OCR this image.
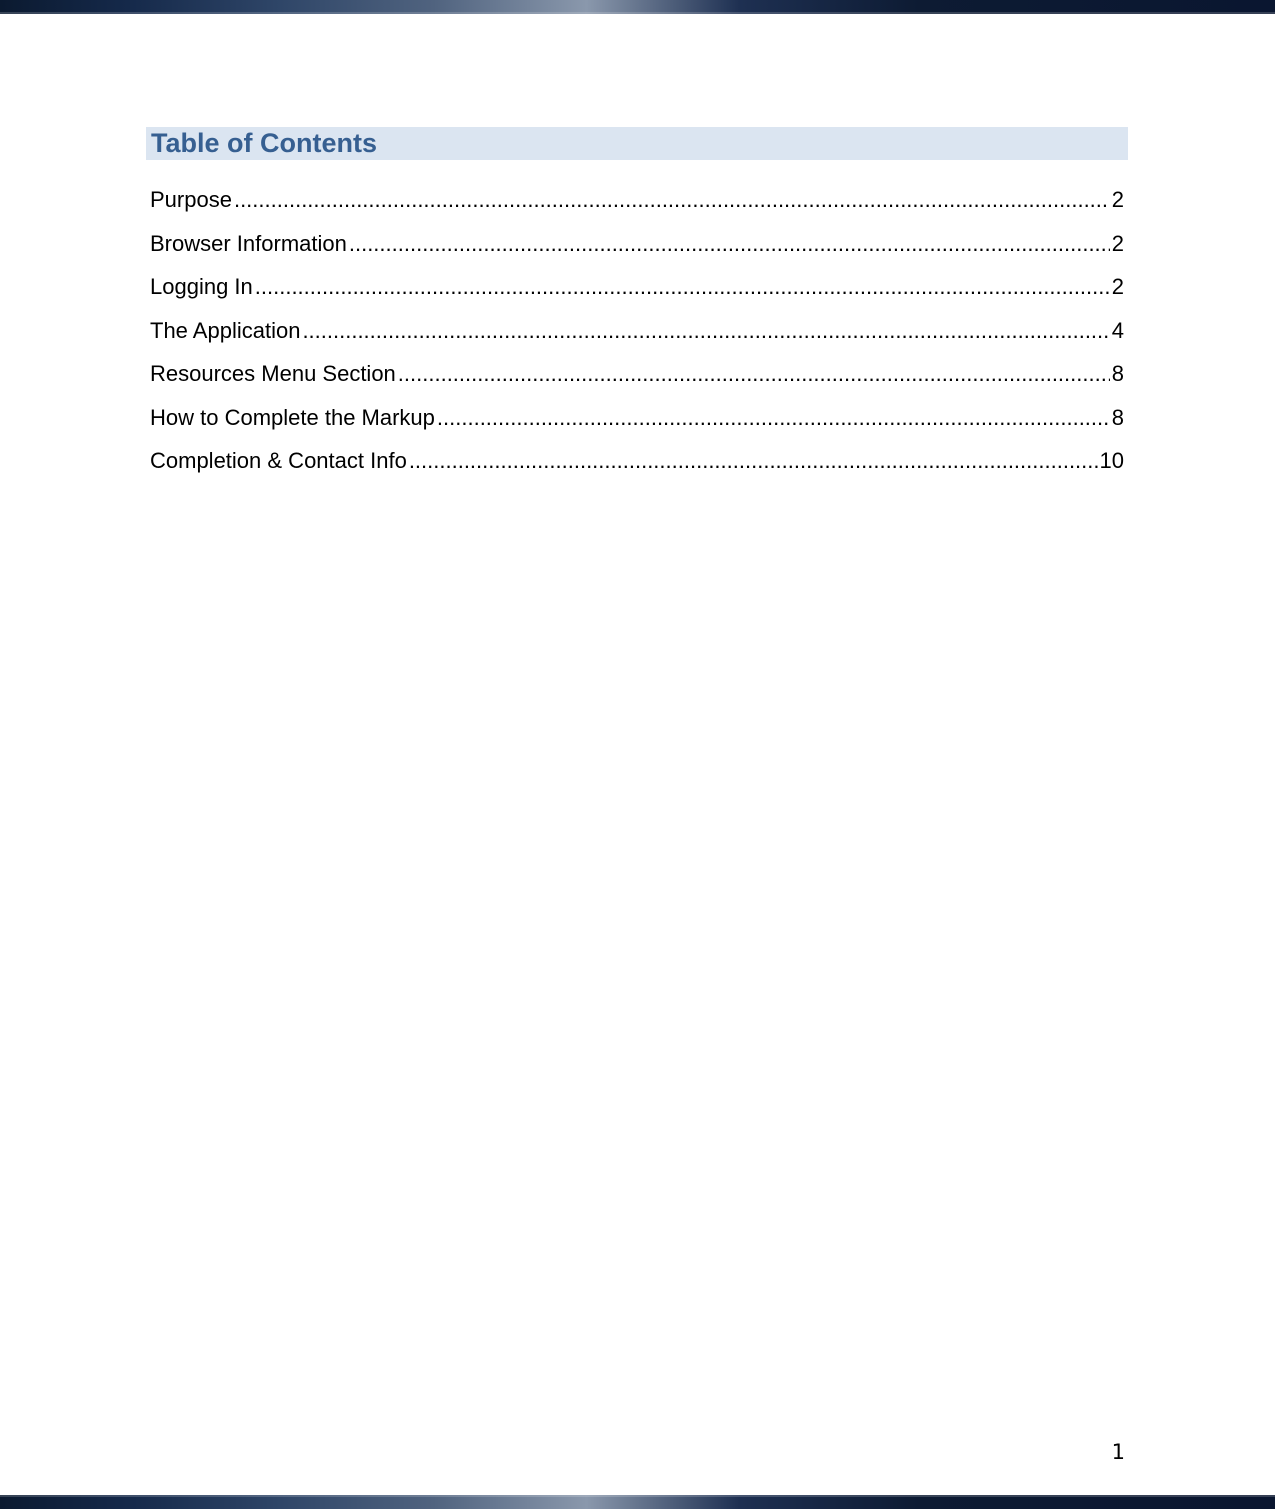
Table of Contents
Purpose .....	2
Browser Information .....	2
Logging In .....	2
The Application .....	4
Resources Menu Section .....	8
How to Complete the Markup .....	8
Completion & Contact Info .....	10
1
